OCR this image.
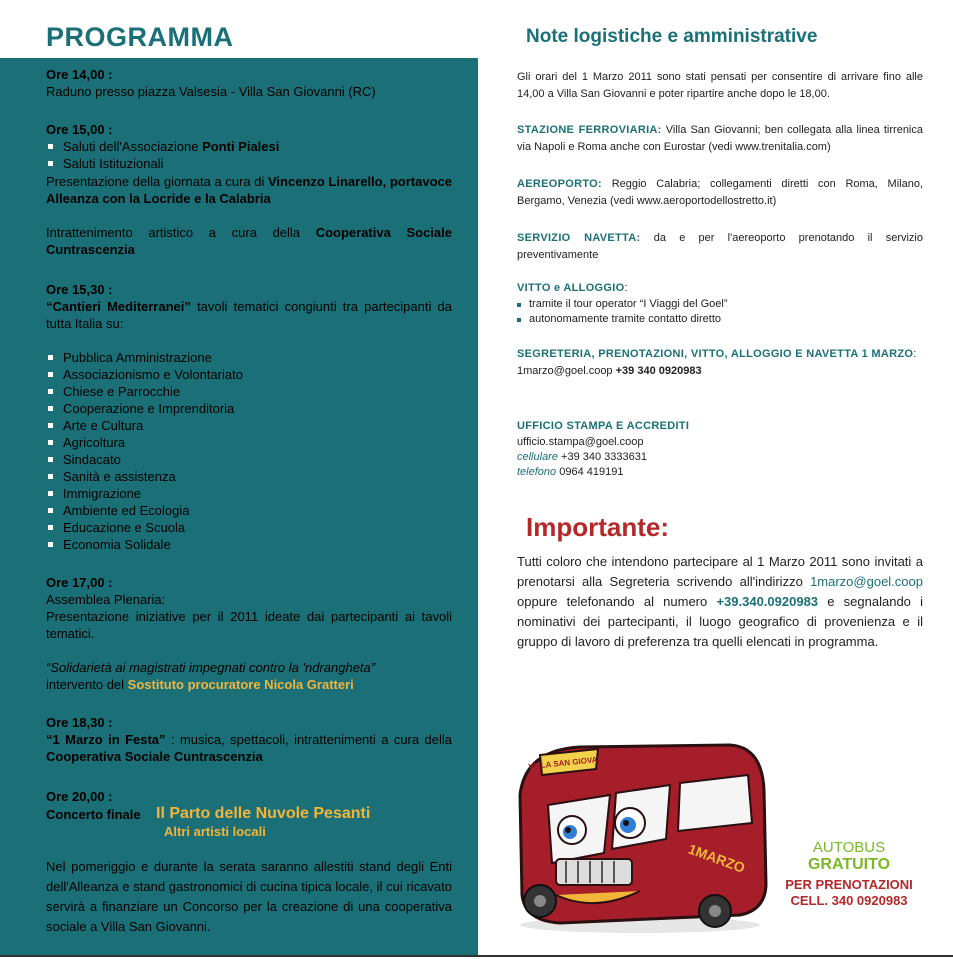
PROGRAMMA
Ore 14,00 :
Raduno presso piazza Valsesia - Villa San Giovanni (RC)
Ore 15,00 :
Saluti dell'Associazione Ponti Pialesi
Saluti Istituzionali
Presentazione della giornata a cura di Vincenzo Linarello, portavoce Alleanza con la Locride e la Calabria
Intrattenimento artistico a cura della Cooperativa Sociale Cuntrascenzia
Ore 15,30 :
“Cantieri Mediterranei” tavoli tematici congiunti tra partecipanti da tutta Italia su:
Pubblica Amministrazione
Associazionismo e Volontariato
Chiese e Parrocchie
Cooperazione e Imprenditoria
Arte e Cultura
Agricoltura
Sindacato
Sanità e assistenza
Immigrazione
Ambiente ed Ecologia
Educazione e Scuola
Economia Solidale
Ore 17,00 :
Assemblea Plenaria:
Presentazione iniziative per il 2011 ideate dai partecipanti ai tavoli tematici.
“Solidarietà ai magistrati impegnati contro la 'ndrangheta”
intervento del Sostituto procuratore Nicola Gratteri
Ore 18,30 :
“1 Marzo in Festa” : musica, spettacoli, intrattenimenti a cura della Cooperativa Sociale Cuntrascenzia
Ore 20,00 :
Concerto finale Il Parto delle Nuvole Pesanti
Altri artisti locali
Nel pomeriggio e durante la serata saranno allestiti stand degli Enti dell'Alleanza e stand gastronomici di cucina tipica locale, il cui ricavato servirà a finanziare un Concorso per la creazione di una cooperativa sociale a Villa San Giovanni.
Note logistiche e amministrative
Gli orari del 1 Marzo 2011 sono stati pensati per consentire di arrivare fino alle 14,00 a Villa San Giovanni e poter ripartire anche dopo le 18,00.
STAZIONE FERROVIARIA: Villa San Giovanni; ben collegata alla linea tirrenica via Napoli e Roma anche con Eurostar (vedi www.trenitalia.com)
AEREOPORTO: Reggio Calabria; collegamenti diretti con Roma, Milano, Bergamo, Venezia (vedi www.aeroportodellostretto.it)
SERVIZIO NAVETTA: da e per l'aereoporto prenotando il servizio preventivamente
VITTO e ALLOGGIO:
tramite il tour operator “I Viaggi del Goel”
autonomamente tramite contatto diretto
SEGRETERIA, PRENOTAZIONI, VITTO, ALLOGGIO E NAVETTA 1 MARZO:
1marzo@goel.coop +39 340 0920983
UFFICIO STAMPA E ACCREDITI
ufficio.stampa@goel.coop
cellulare +39 340 3333631
telefono 0964 419191
Importante:
Tutti coloro che intendono partecipare al 1 Marzo 2011 sono invitati a prenotarsi alla Segreteria scrivendo all'indirizzo 1marzo@goel.coop oppure telefonando al numero +39.340.0920983 e segnalando i nominativi dei partecipanti, il luogo geografico di provenienza e il gruppo di lavoro di preferenza tra quelli elencati in programma.
VILLA SAN GIOVANNI
1MARZO	AUTOBUS
GRATUITO
PER PRENOTAZIONI
CELL. 340 0920983
